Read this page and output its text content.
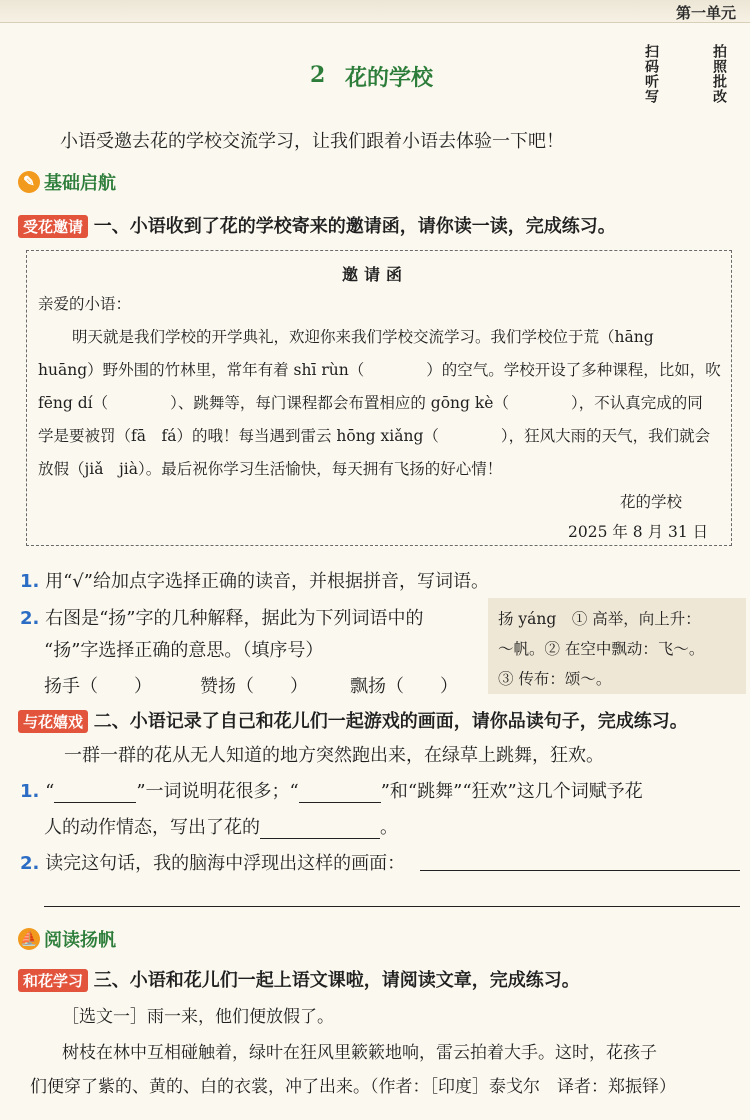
第一单元
2 花的学校	扫码听写	拍照批改
小语受邀去花的学校交流学习，让我们跟着小语去体验一下吧！
✎ 基础启航
受花邀请 一、小语收到了花的学校寄来的邀请函，请你读一读，完成练习。
邀请函
亲爱的小语：
明天就是我们学校的开学典礼，欢迎你来我们学校交流学习。我们学校位于荒（hāng
huāng）野外围的竹林里，常年有着 shī rùn（　　　　）的空气。学校开设了多种课程，比如，吹
fēng dí（　　　　）、跳舞等，每门课程都会布置相应的 gōng kè（　　　　），不认真完成的同
学是要被罚（fā　fá）的哦！每当遇到雷云 hōng xiǎng（　　　　），狂风大雨的天气，我们就会
放假（jiǎ　jià）。最后祝你学习生活愉快，每天拥有飞扬的好心情！
花的学校
2025 年 8 月 31 日
1. 用“√”给加点字选择正确的读音，并根据拼音，写词语。
2. 右图是“扬”字的几种解释，据此为下列词语中的
“扬”字选择正确的意思。（填序号）
扬手（　　）	赞扬（　　） 飘扬（　　）
扬 yáng　① 高举，向上升：
～帆。② 在空中飘动：飞～。
③ 传布：颂～。
与花嬉戏 二、小语记录了自己和花儿们一起游戏的画面，请你品读句子，完成练习。
一群一群的花从无人知道的地方突然跑出来，在绿草上跳舞，狂欢。
1. “	”一词说明花很多；“	”和“跳舞”“狂欢”这几个词赋予花
人的动作情态，写出了花的	。
2. 读完这句话，我的脑海中浮现出这样的画面：
⛵ 阅读扬帆
和花学习 三、小语和花儿们一起上语文课啦，请阅读文章，完成练习。
［选文一］雨一来，他们便放假了。
树枝在林中互相碰触着，绿叶在狂风里簌簌地响，雷云拍着大手。这时，花孩子
们便穿了紫的、黄的、白的衣裳，冲了出来。（作者：［印度］泰戈尔　译者：郑振铎）
